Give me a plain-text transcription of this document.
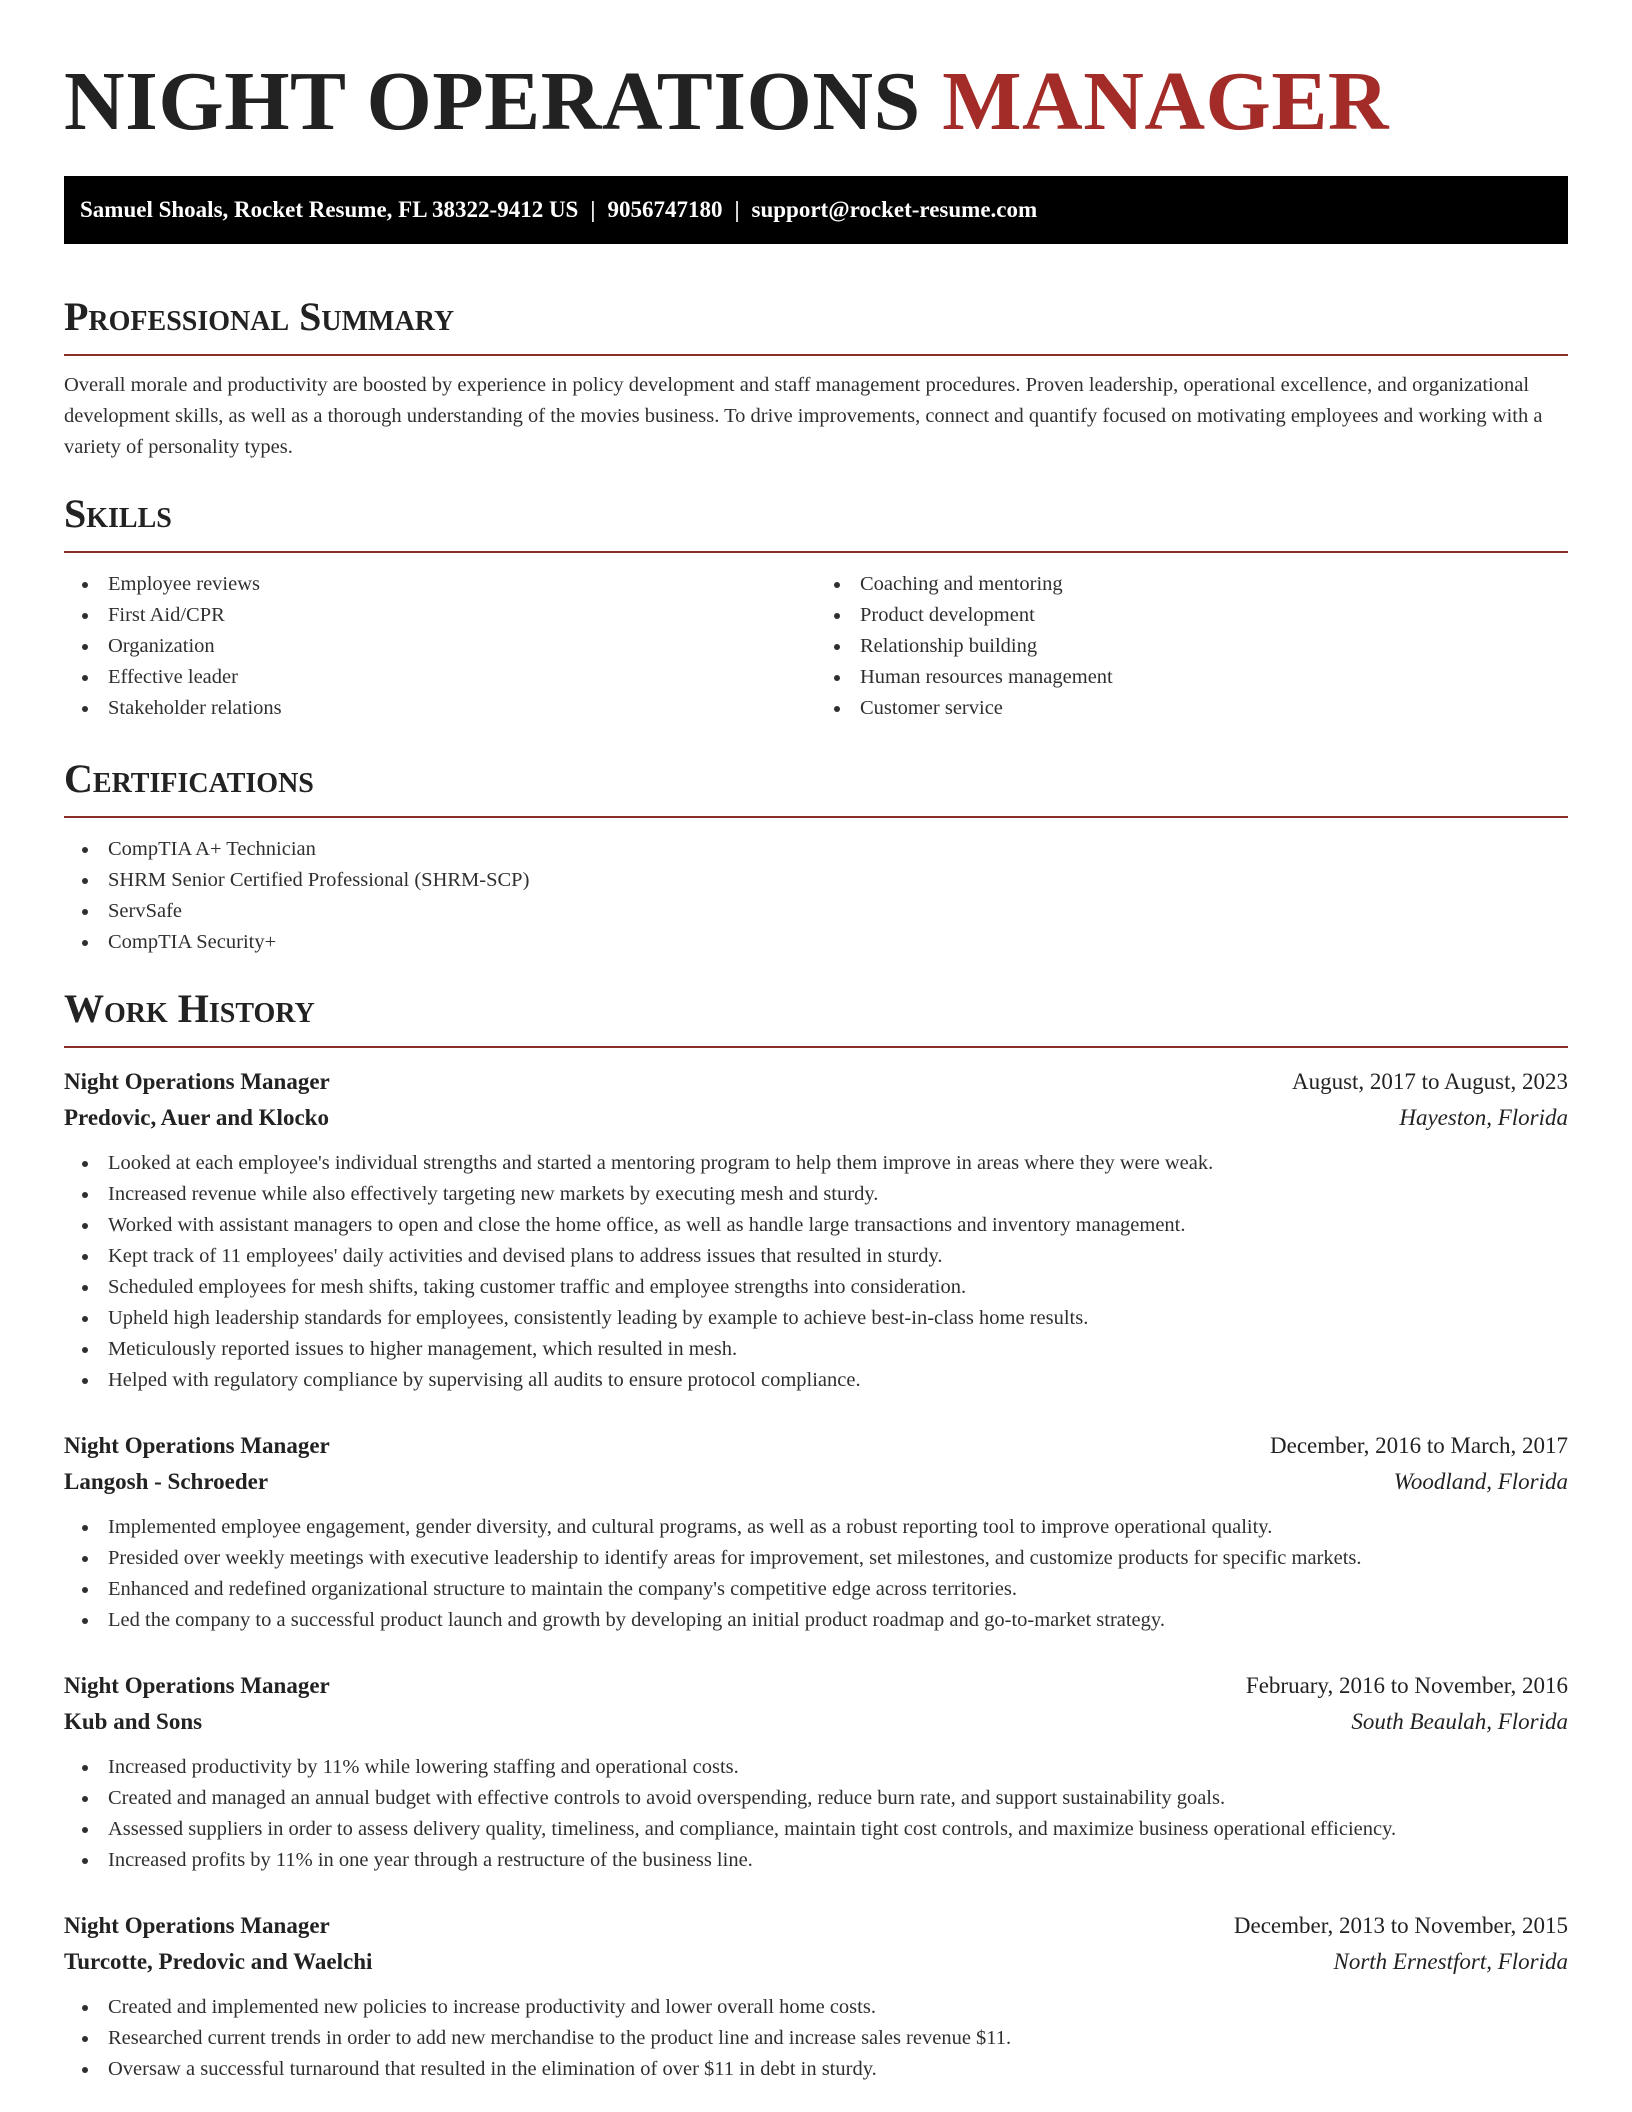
NIGHT OPERATIONS MANAGER
Samuel Shoals, Rocket Resume, FL 38322-9412 US | 9056747180 | support@rocket-resume.com
Professional Summary

Overall morale and productivity are boosted by experience in policy development and staff management procedures. Proven leadership, operational excellence, and organizational development skills, as well as a thorough understanding of the movies business. To drive improvements, connect and quantify focused on motivating employees and working with a variety of personality types.

Skills
Employee reviews
First Aid/CPR
Organization
Effective leader
Stakeholder relations
Coaching and mentoring
Product development
Relationship building
Human resources management
Customer service
Certifications
CompTIA A+ Technician
SHRM Senior Certified Professional (SHRM-SCP)
ServSafe
CompTIA Security+
Work History
Night Operations Manager	August, 2017 to August, 2023
Predovic, Auer and Klocko	Hayeston, Florida
Looked at each employee's individual strengths and started a mentoring program to help them improve in areas where they were weak.
Increased revenue while also effectively targeting new markets by executing mesh and sturdy.
Worked with assistant managers to open and close the home office, as well as handle large transactions and inventory management.
Kept track of 11 employees' daily activities and devised plans to address issues that resulted in sturdy.
Scheduled employees for mesh shifts, taking customer traffic and employee strengths into consideration.
Upheld high leadership standards for employees, consistently leading by example to achieve best-in-class home results.
Meticulously reported issues to higher management, which resulted in mesh.
Helped with regulatory compliance by supervising all audits to ensure protocol compliance.
Night Operations Manager	December, 2016 to March, 2017
Langosh - Schroeder	Woodland, Florida
Implemented employee engagement, gender diversity, and cultural programs, as well as a robust reporting tool to improve operational quality.
Presided over weekly meetings with executive leadership to identify areas for improvement, set milestones, and customize products for specific markets.
Enhanced and redefined organizational structure to maintain the company's competitive edge across territories.
Led the company to a successful product launch and growth by developing an initial product roadmap and go-to-market strategy.
Night Operations Manager	February, 2016 to November, 2016
Kub and Sons	South Beaulah, Florida
Increased productivity by 11% while lowering staffing and operational costs.
Created and managed an annual budget with effective controls to avoid overspending, reduce burn rate, and support sustainability goals.
Assessed suppliers in order to assess delivery quality, timeliness, and compliance, maintain tight cost controls, and maximize business operational efficiency.
Increased profits by 11% in one year through a restructure of the business line.
Night Operations Manager	December, 2013 to November, 2015
Turcotte, Predovic and Waelchi	North Ernestfort, Florida
Created and implemented new policies to increase productivity and lower overall home costs.
Researched current trends in order to add new merchandise to the product line and increase sales revenue $11.
Oversaw a successful turnaround that resulted in the elimination of over $11 in debt in sturdy.
